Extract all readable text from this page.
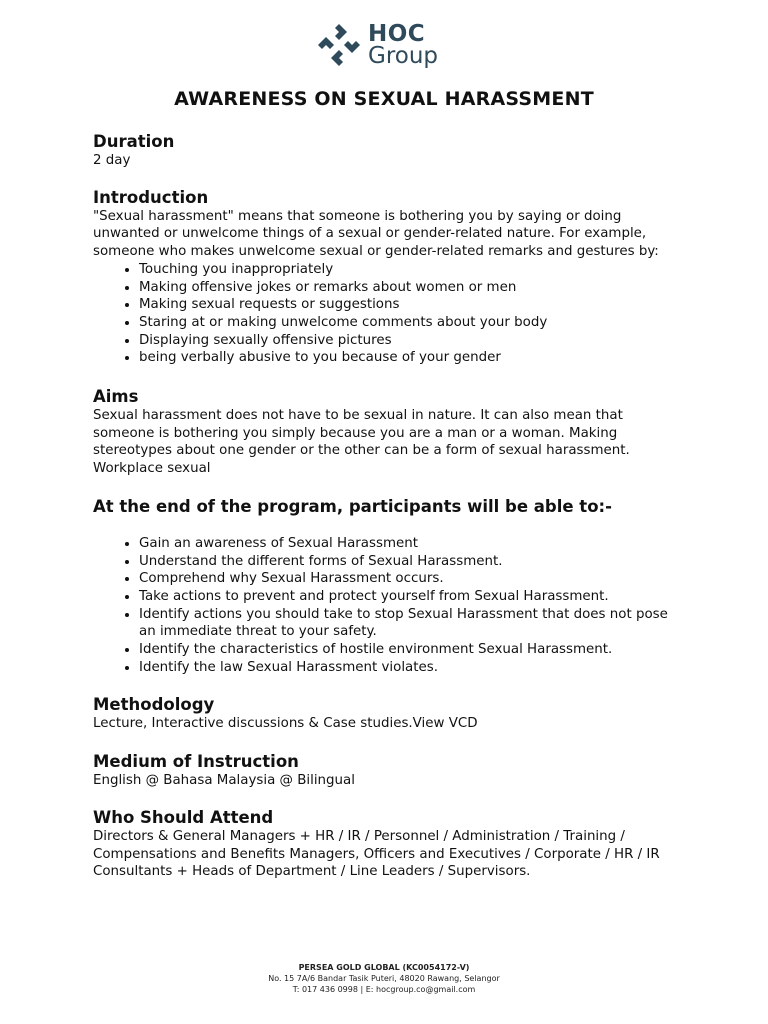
HOC
Group
AWARENESS ON SEXUAL HARASSMENT
Duration

2 day

Introduction

"Sexual harassment" means that someone is bothering you by saying or doing unwanted or unwelcome things of a sexual or gender-related nature. For example, someone who makes unwelcome sexual or gender-related remarks and gestures by:

• Touching you inappropriately
• Making offensive jokes or remarks about women or men
• Making sexual requests or suggestions
• Staring at or making unwelcome comments about your body
• Displaying sexually offensive pictures
• being verbally abusive to you because of your gender
Aims

Sexual harassment does not have to be sexual in nature. It can also mean that someone is bothering you simply because you are a man or a woman. Making stereotypes about one gender or the other can be a form of sexual harassment. Workplace sexual

At the end of the program, participants will be able to:-
• Gain an awareness of Sexual Harassment
• Understand the different forms of Sexual Harassment.
• Comprehend why Sexual Harassment occurs.
• Take actions to prevent and protect yourself from Sexual Harassment.
• Identify actions you should take to stop Sexual Harassment that does not pose an immediate threat to your safety.
• Identify the characteristics of hostile environment Sexual Harassment.
• Identify the law Sexual Harassment violates.
Methodology

Lecture, Interactive discussions & Case studies.View VCD

Medium of Instruction

English @ Bahasa Malaysia @ Bilingual

Who Should Attend

Directors & General Managers + HR / IR / Personnel / Administration / Training / Compensations and Benefits Managers, Officers and Executives / Corporate / HR / IR Consultants + Heads of Department / Line Leaders / Supervisors.

PERSEA GOLD GLOBAL (KC0054172-V)
No. 15 7A/6 Bandar Tasik Puteri, 48020 Rawang, Selangor
T: 017 436 0998 | E: hocgroup.co@gmail.com
